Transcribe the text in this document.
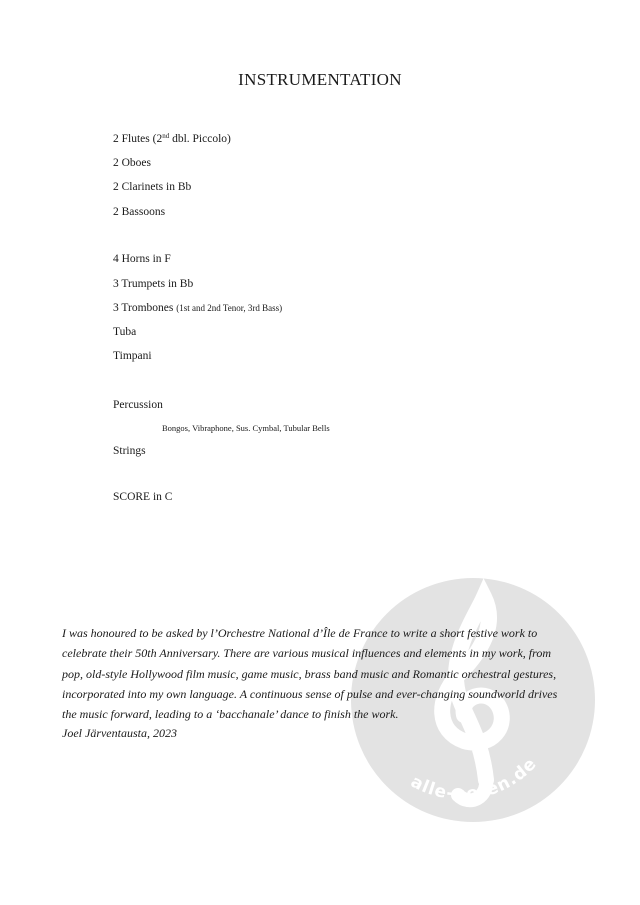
INSTRUMENTATION
2 Flutes (2nd dbl. Piccolo)
2 Oboes
2 Clarinets in Bb
2 Bassoons
4 Horns in F
3 Trumpets in Bb
3 Trombones (1st and 2nd Tenor, 3rd Bass)
Tuba
Timpani
Percussion
Bongos, Vibraphone, Sus. Cymbal, Tubular Bells
Strings
SCORE in C
alle-noten.de
I was honoured to be asked by l’Orchestre National d’Île de France to write a short festive work to celebrate their 50th Anniversary. There are various musical influences and elements in my work, from pop, old-style Hollywood film music, game music, brass band music and Romantic orchestral gestures, incorporated into my own language. A continuous sense of pulse and ever-changing soundworld drives the music forward, leading to a ‘bacchanale’ dance to finish the work.
Joel Järventausta, 2023
